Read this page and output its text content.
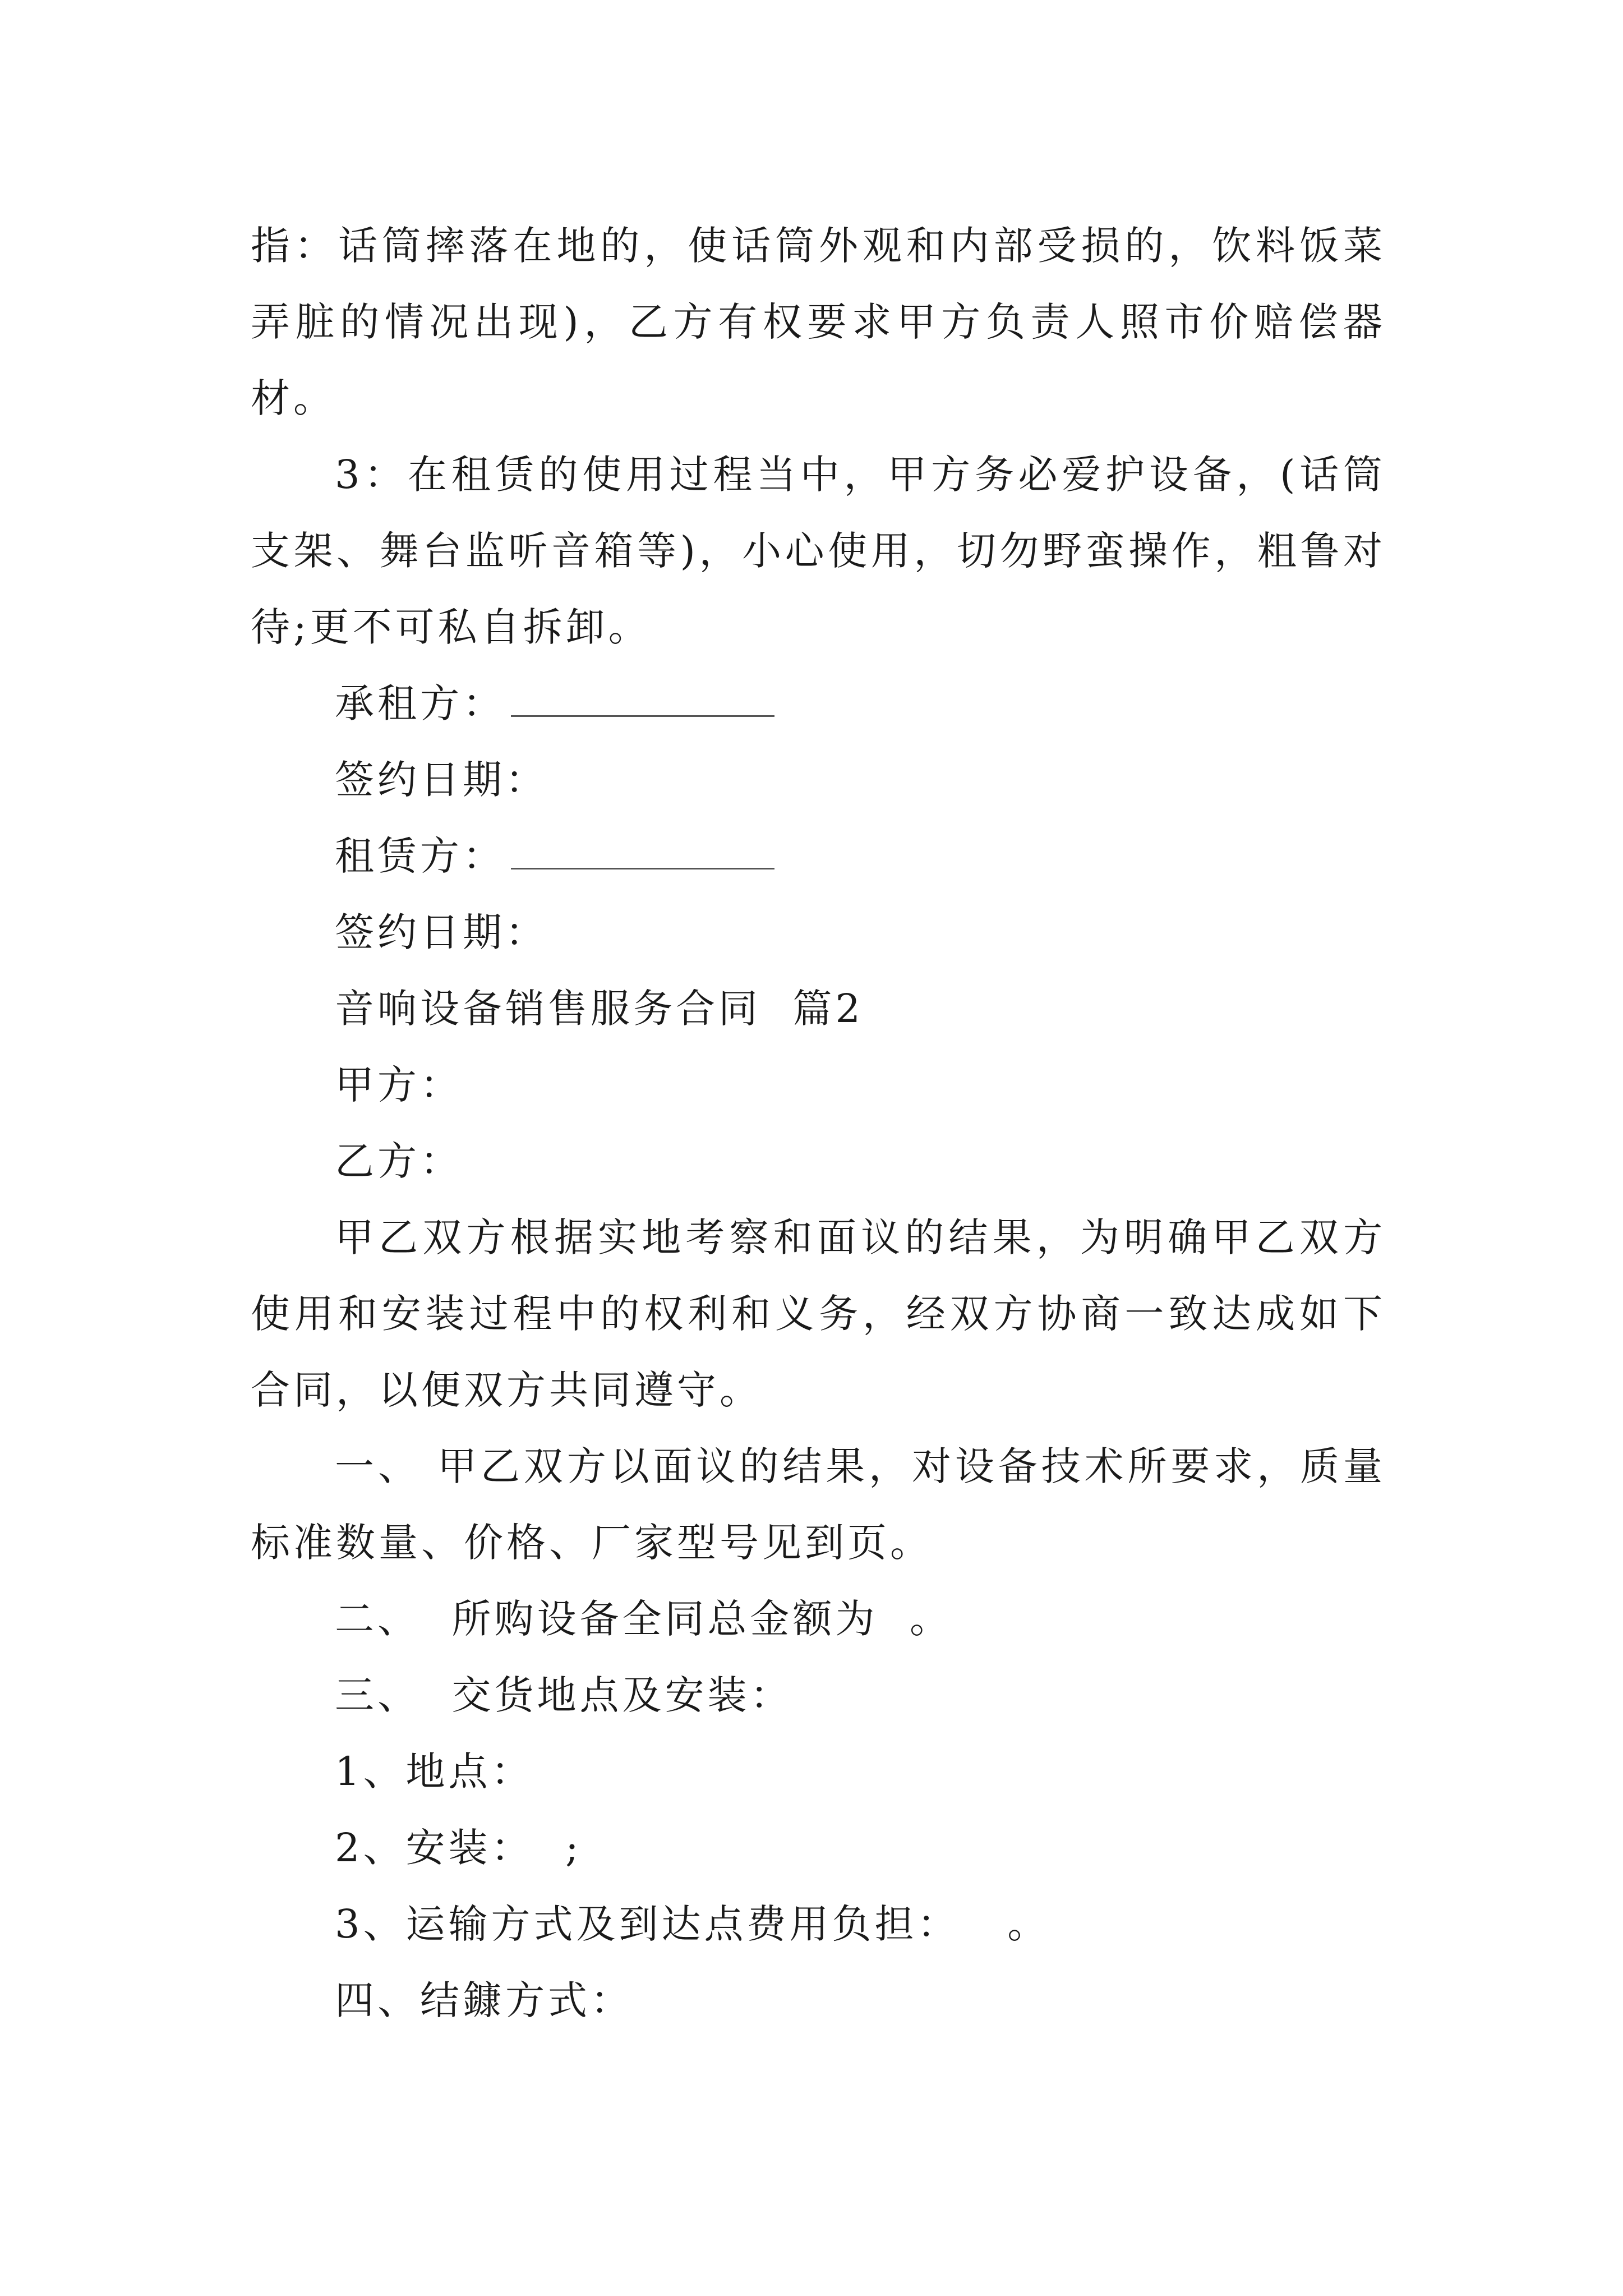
指：话筒摔落在地的，使话筒外观和内部受损的，饮料饭菜弄脏的情况出现)，乙方有权要求甲方负责人照市价赔偿器材。

3：在租赁的使用过程当中，甲方务必爱护设备，(话筒支架、舞台监听音箱等)，小心使用，切勿野蛮操作，粗鲁对待;更不可私自拆卸。

承租方：

签约日期：

租赁方：

签约日期：

音响设备销售服务合同  篇2

甲方：

乙方：

甲乙双方根据实地考察和面议的结果，为明确甲乙双方使用和安装过程中的权利和义务，经双方协商一致达成如下合同，以便双方共同遵守。

一、 甲乙双方以面议的结果，对设备技术所要求，质量标准数量、价格、厂家型号见到页。

二、  所购设备全同总金额为  。

三、  交货地点及安装：

1、地点：

2、安装：  ;

3、运输方式及到达点费用负担：   。

四、结鏮方式：
